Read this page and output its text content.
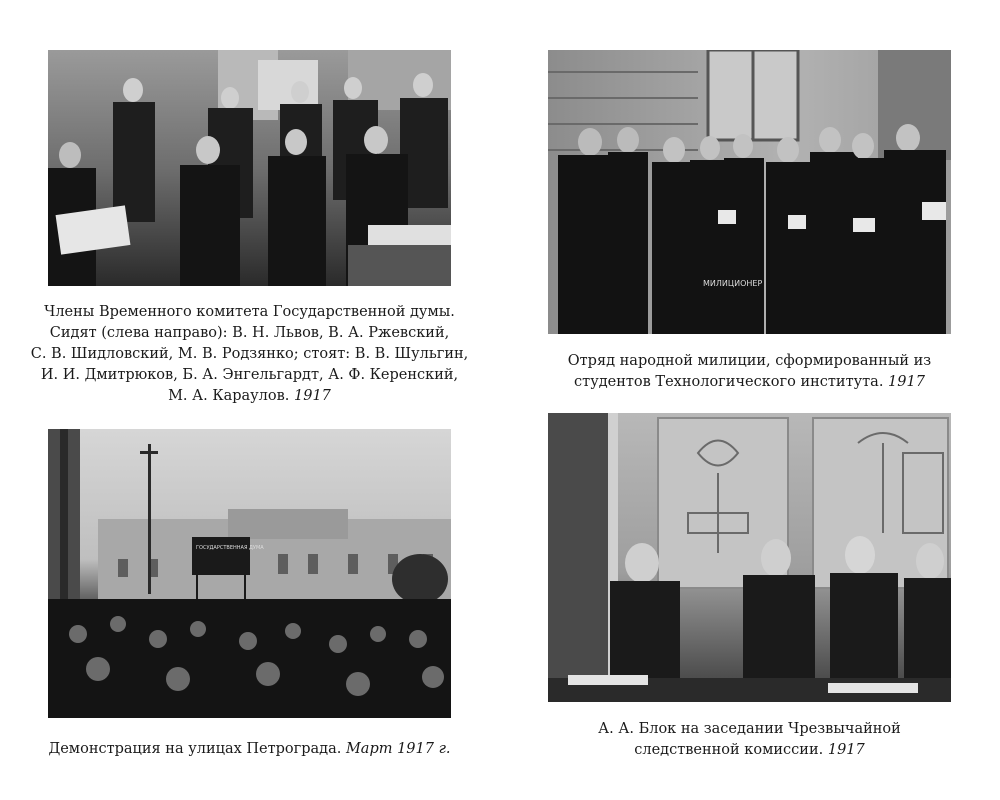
Члены Временного комитета Государственной думы.
Сидят (слева направо): В. Н. Львов, В. А. Ржевский,
С. В. Шидловский, М. В. Родзянко; стоят: В. В. Шульгин,
И. И. Дмитрюков, Б. А. Энгельгардт, А. Ф. Керенский,
М. А. Караулов. 1917
МИЛИЦИОНЕР
Отряд народной милиции, сформированный из
студентов Технологического института. 1917
ГОСУДАРСТВЕННАЯ ДУМА
Демонстрация на улицах Петрограда. Март 1917 г.
А. А. Блок на заседании Чрезвычайной
следственной комиссии. 1917
